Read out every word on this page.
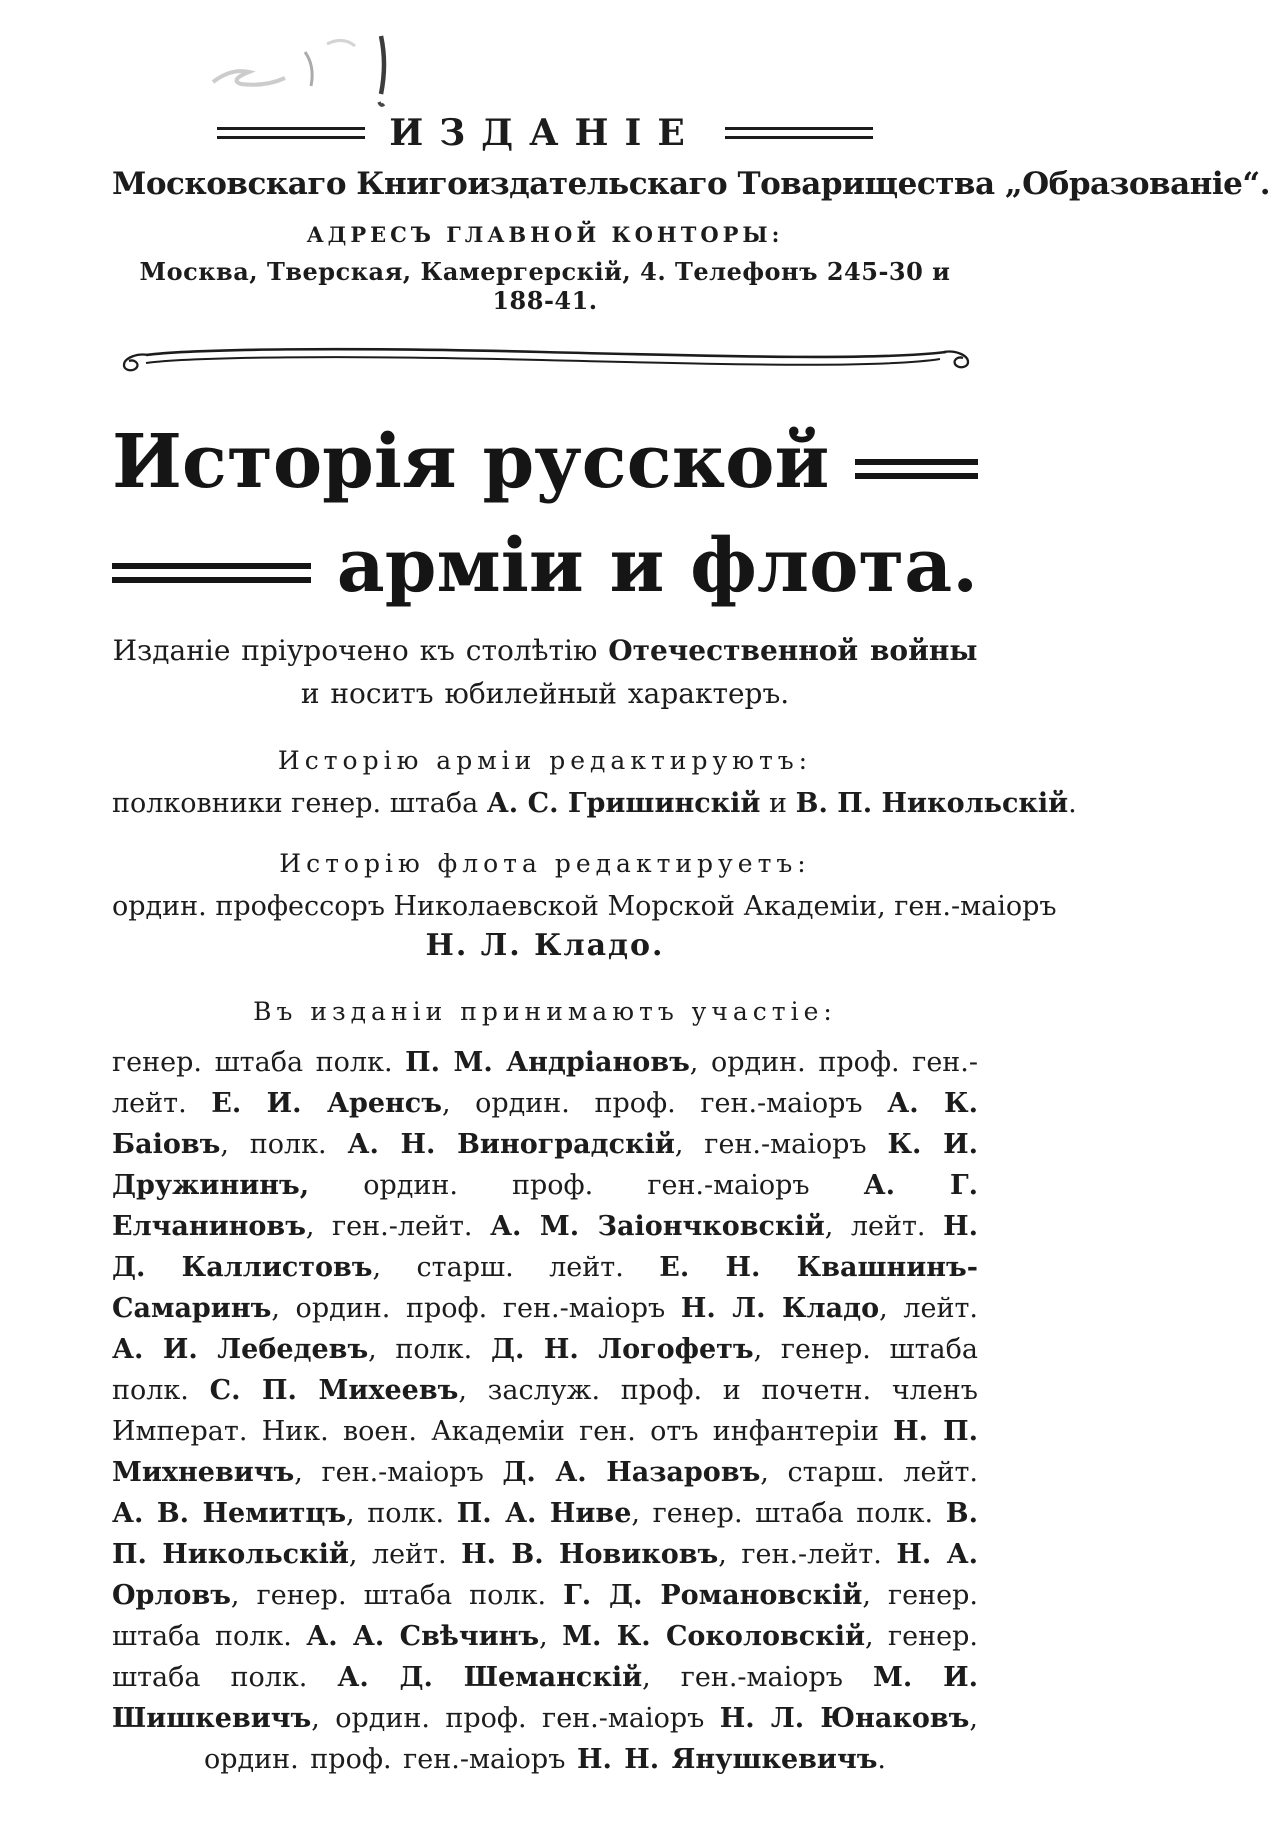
ИЗДАНІЕ
Московскаго Книгоиздательскаго Товарищества „Образованіе“.
АДРЕСЪ ГЛАВНОЙ КОНТОРЫ:
Москва, Тверская, Камергерскій, 4. Телефонъ 245-30 и 188-41.
Исторія русской
арміи и флота.

Изданіе пріурочено къ столѣтію Отечественной войны и носитъ юбилейный характеръ.

Исторію арміи редактируютъ:
полковники генер. штаба А. С. Гришинскій и В. П. Никольскій.
Исторію флота редактируетъ:
ордин. профессоръ Николаевской Морской Академіи, ген.-маіоръ
Н. Л. Кладо.
Въ изданіи принимаютъ участіе:

генер. штаба полк. П. М. Андріановъ, ордин. проф. ген.-лейт. Е. И. Аренсъ, ордин. проф. ген.-маіоръ А. К. Баіовъ, полк. А. Н. Виноградскій, ген.-маіоръ К. И. Дружининъ, ордин. проф. ген.-маіоръ А. Г. Елчаниновъ, ген.-лейт. А. М. Заіончковскій, лейт. Н. Д. Каллистовъ, старш. лейт. Е. Н. Квашнинъ-Самаринъ, ордин. проф. ген.-маіоръ Н. Л. Кладо, лейт. А. И. Лебедевъ, полк. Д. Н. Логофетъ, генер. штаба полк. С. П. Михеевъ, заслуж. проф. и почетн. членъ Императ. Ник. воен. Академіи ген. отъ инфантеріи Н. П. Михневичъ, ген.-маіоръ Д. А. Назаровъ, старш. лейт. А. В. Немитцъ, полк. П. А. Ниве, генер. штаба полк. В. П. Никольскій, лейт. Н. В. Новиковъ, ген.-лейт. Н. А. Орловъ, генер. штаба полк. Г. Д. Романовскій, генер. штаба полк. А. А. Свѣчинъ, М. К. Соколовскій, генер. штаба полк. А. Д. Шеманскій, ген.-маіоръ М. И. Шишкевичъ, ордин. проф. ген.-маіоръ Н. Л. Юнаковъ, ордин. проф. ген.-маіоръ Н. Н. Янушкевичъ.
